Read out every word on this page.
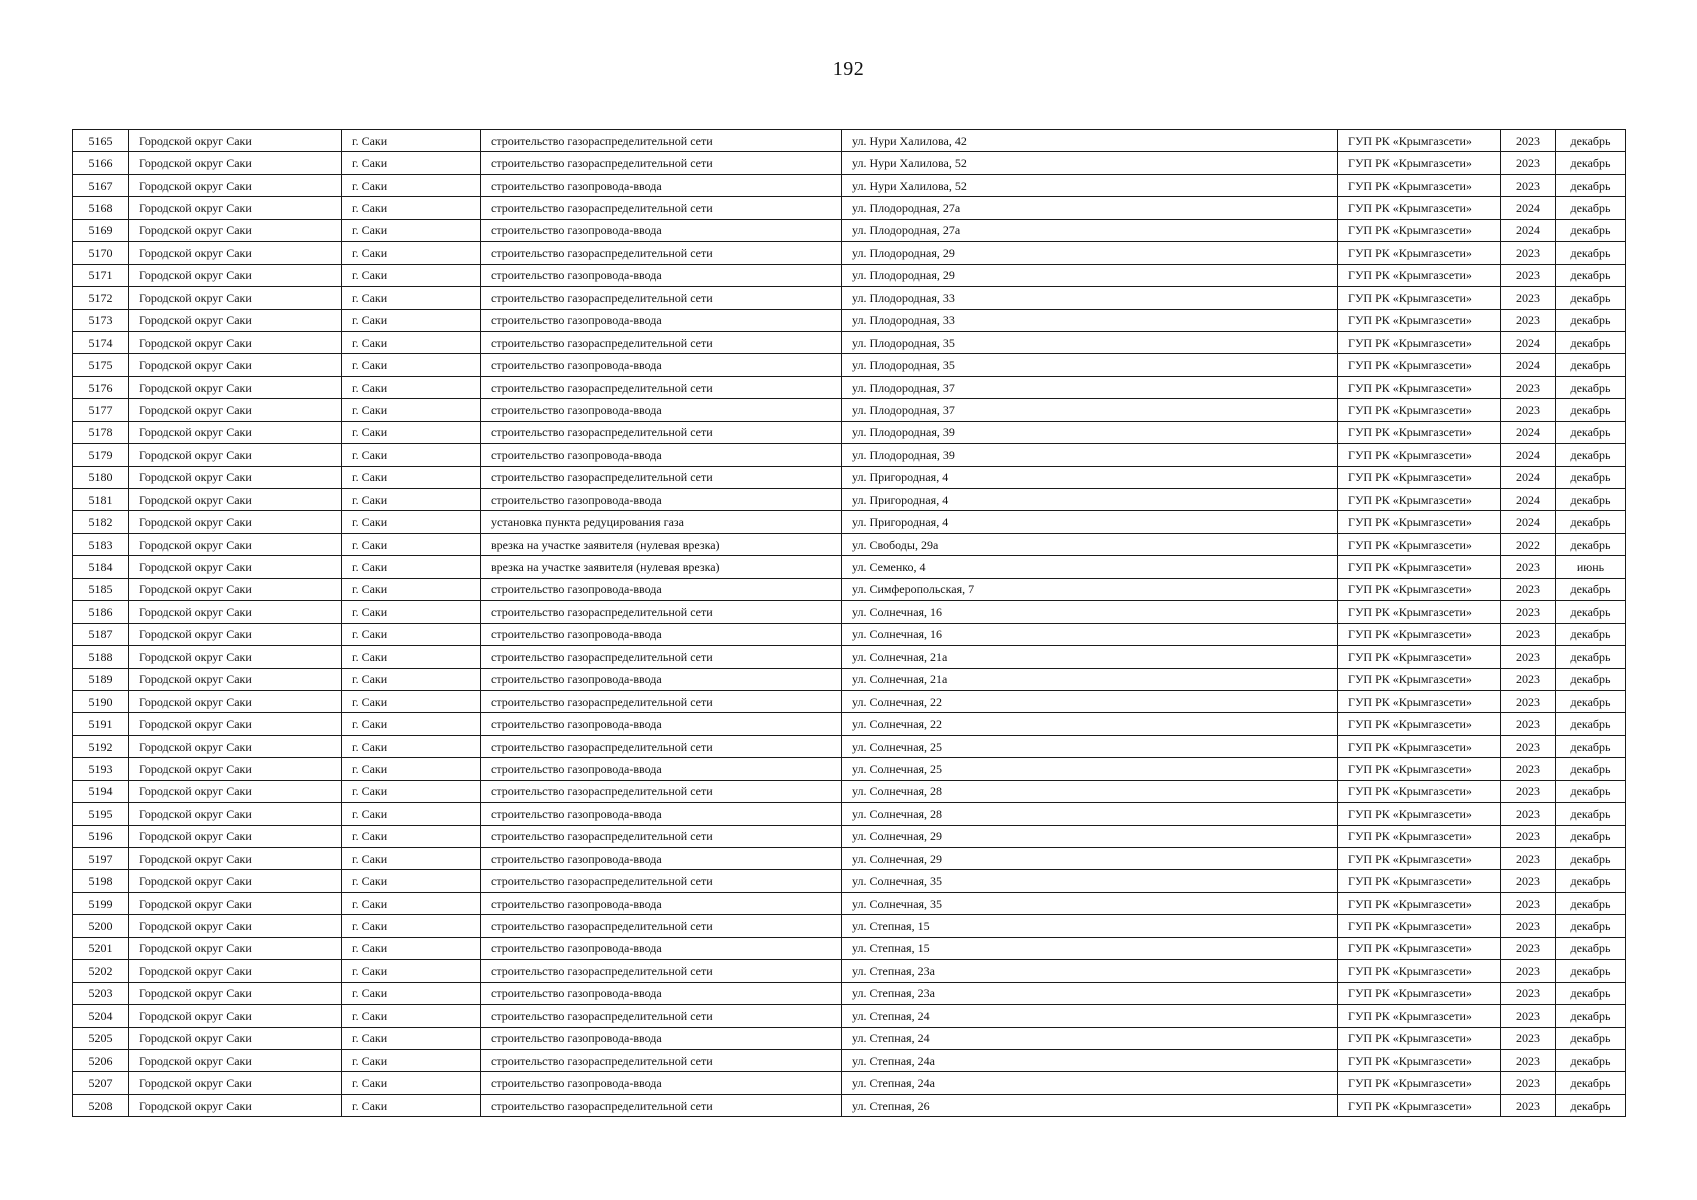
192
5165	Городской округ Саки	г. Саки	строительство газораспределительной сети	ул. Нури Халилова, 42	ГУП РК «Крымгазсети»	2023	декабрь
5166	Городской округ Саки	г. Саки	строительство газораспределительной сети	ул. Нури Халилова, 52	ГУП РК «Крымгазсети»	2023	декабрь
5167	Городской округ Саки	г. Саки	строительство газопровода-ввода	ул. Нури Халилова, 52	ГУП РК «Крымгазсети»	2023	декабрь
5168	Городской округ Саки	г. Саки	строительство газораспределительной сети	ул. Плодородная, 27а	ГУП РК «Крымгазсети»	2024	декабрь
5169	Городской округ Саки	г. Саки	строительство газопровода-ввода	ул. Плодородная, 27а	ГУП РК «Крымгазсети»	2024	декабрь
5170	Городской округ Саки	г. Саки	строительство газораспределительной сети	ул. Плодородная, 29	ГУП РК «Крымгазсети»	2023	декабрь
5171	Городской округ Саки	г. Саки	строительство газопровода-ввода	ул. Плодородная, 29	ГУП РК «Крымгазсети»	2023	декабрь
5172	Городской округ Саки	г. Саки	строительство газораспределительной сети	ул. Плодородная, 33	ГУП РК «Крымгазсети»	2023	декабрь
5173	Городской округ Саки	г. Саки	строительство газопровода-ввода	ул. Плодородная, 33	ГУП РК «Крымгазсети»	2023	декабрь
5174	Городской округ Саки	г. Саки	строительство газораспределительной сети	ул. Плодородная, 35	ГУП РК «Крымгазсети»	2024	декабрь
5175	Городской округ Саки	г. Саки	строительство газопровода-ввода	ул. Плодородная, 35	ГУП РК «Крымгазсети»	2024	декабрь
5176	Городской округ Саки	г. Саки	строительство газораспределительной сети	ул. Плодородная, 37	ГУП РК «Крымгазсети»	2023	декабрь
5177	Городской округ Саки	г. Саки	строительство газопровода-ввода	ул. Плодородная, 37	ГУП РК «Крымгазсети»	2023	декабрь
5178	Городской округ Саки	г. Саки	строительство газораспределительной сети	ул. Плодородная, 39	ГУП РК «Крымгазсети»	2024	декабрь
5179	Городской округ Саки	г. Саки	строительство газопровода-ввода	ул. Плодородная, 39	ГУП РК «Крымгазсети»	2024	декабрь
5180	Городской округ Саки	г. Саки	строительство газораспределительной сети	ул. Пригородная, 4	ГУП РК «Крымгазсети»	2024	декабрь
5181	Городской округ Саки	г. Саки	строительство газопровода-ввода	ул. Пригородная, 4	ГУП РК «Крымгазсети»	2024	декабрь
5182	Городской округ Саки	г. Саки	установка пункта редуцирования газа	ул. Пригородная, 4	ГУП РК «Крымгазсети»	2024	декабрь
5183	Городской округ Саки	г. Саки	врезка на участке заявителя (нулевая врезка)	ул. Свободы, 29а	ГУП РК «Крымгазсети»	2022	декабрь
5184	Городской округ Саки	г. Саки	врезка на участке заявителя (нулевая врезка)	ул. Семенко, 4	ГУП РК «Крымгазсети»	2023	июнь
5185	Городской округ Саки	г. Саки	строительство газопровода-ввода	ул. Симферопольская, 7	ГУП РК «Крымгазсети»	2023	декабрь
5186	Городской округ Саки	г. Саки	строительство газораспределительной сети	ул. Солнечная, 16	ГУП РК «Крымгазсети»	2023	декабрь
5187	Городской округ Саки	г. Саки	строительство газопровода-ввода	ул. Солнечная, 16	ГУП РК «Крымгазсети»	2023	декабрь
5188	Городской округ Саки	г. Саки	строительство газораспределительной сети	ул. Солнечная, 21а	ГУП РК «Крымгазсети»	2023	декабрь
5189	Городской округ Саки	г. Саки	строительство газопровода-ввода	ул. Солнечная, 21а	ГУП РК «Крымгазсети»	2023	декабрь
5190	Городской округ Саки	г. Саки	строительство газораспределительной сети	ул. Солнечная, 22	ГУП РК «Крымгазсети»	2023	декабрь
5191	Городской округ Саки	г. Саки	строительство газопровода-ввода	ул. Солнечная, 22	ГУП РК «Крымгазсети»	2023	декабрь
5192	Городской округ Саки	г. Саки	строительство газораспределительной сети	ул. Солнечная, 25	ГУП РК «Крымгазсети»	2023	декабрь
5193	Городской округ Саки	г. Саки	строительство газопровода-ввода	ул. Солнечная, 25	ГУП РК «Крымгазсети»	2023	декабрь
5194	Городской округ Саки	г. Саки	строительство газораспределительной сети	ул. Солнечная, 28	ГУП РК «Крымгазсети»	2023	декабрь
5195	Городской округ Саки	г. Саки	строительство газопровода-ввода	ул. Солнечная, 28	ГУП РК «Крымгазсети»	2023	декабрь
5196	Городской округ Саки	г. Саки	строительство газораспределительной сети	ул. Солнечная, 29	ГУП РК «Крымгазсети»	2023	декабрь
5197	Городской округ Саки	г. Саки	строительство газопровода-ввода	ул. Солнечная, 29	ГУП РК «Крымгазсети»	2023	декабрь
5198	Городской округ Саки	г. Саки	строительство газораспределительной сети	ул. Солнечная, 35	ГУП РК «Крымгазсети»	2023	декабрь
5199	Городской округ Саки	г. Саки	строительство газопровода-ввода	ул. Солнечная, 35	ГУП РК «Крымгазсети»	2023	декабрь
5200	Городской округ Саки	г. Саки	строительство газораспределительной сети	ул. Степная, 15	ГУП РК «Крымгазсети»	2023	декабрь
5201	Городской округ Саки	г. Саки	строительство газопровода-ввода	ул. Степная, 15	ГУП РК «Крымгазсети»	2023	декабрь
5202	Городской округ Саки	г. Саки	строительство газораспределительной сети	ул. Степная, 23а	ГУП РК «Крымгазсети»	2023	декабрь
5203	Городской округ Саки	г. Саки	строительство газопровода-ввода	ул. Степная, 23а	ГУП РК «Крымгазсети»	2023	декабрь
5204	Городской округ Саки	г. Саки	строительство газораспределительной сети	ул. Степная, 24	ГУП РК «Крымгазсети»	2023	декабрь
5205	Городской округ Саки	г. Саки	строительство газопровода-ввода	ул. Степная, 24	ГУП РК «Крымгазсети»	2023	декабрь
5206	Городской округ Саки	г. Саки	строительство газораспределительной сети	ул. Степная, 24а	ГУП РК «Крымгазсети»	2023	декабрь
5207	Городской округ Саки	г. Саки	строительство газопровода-ввода	ул. Степная, 24а	ГУП РК «Крымгазсети»	2023	декабрь
5208	Городской округ Саки	г. Саки	строительство газораспределительной сети	ул. Степная, 26	ГУП РК «Крымгазсети»	2023	декабрь
